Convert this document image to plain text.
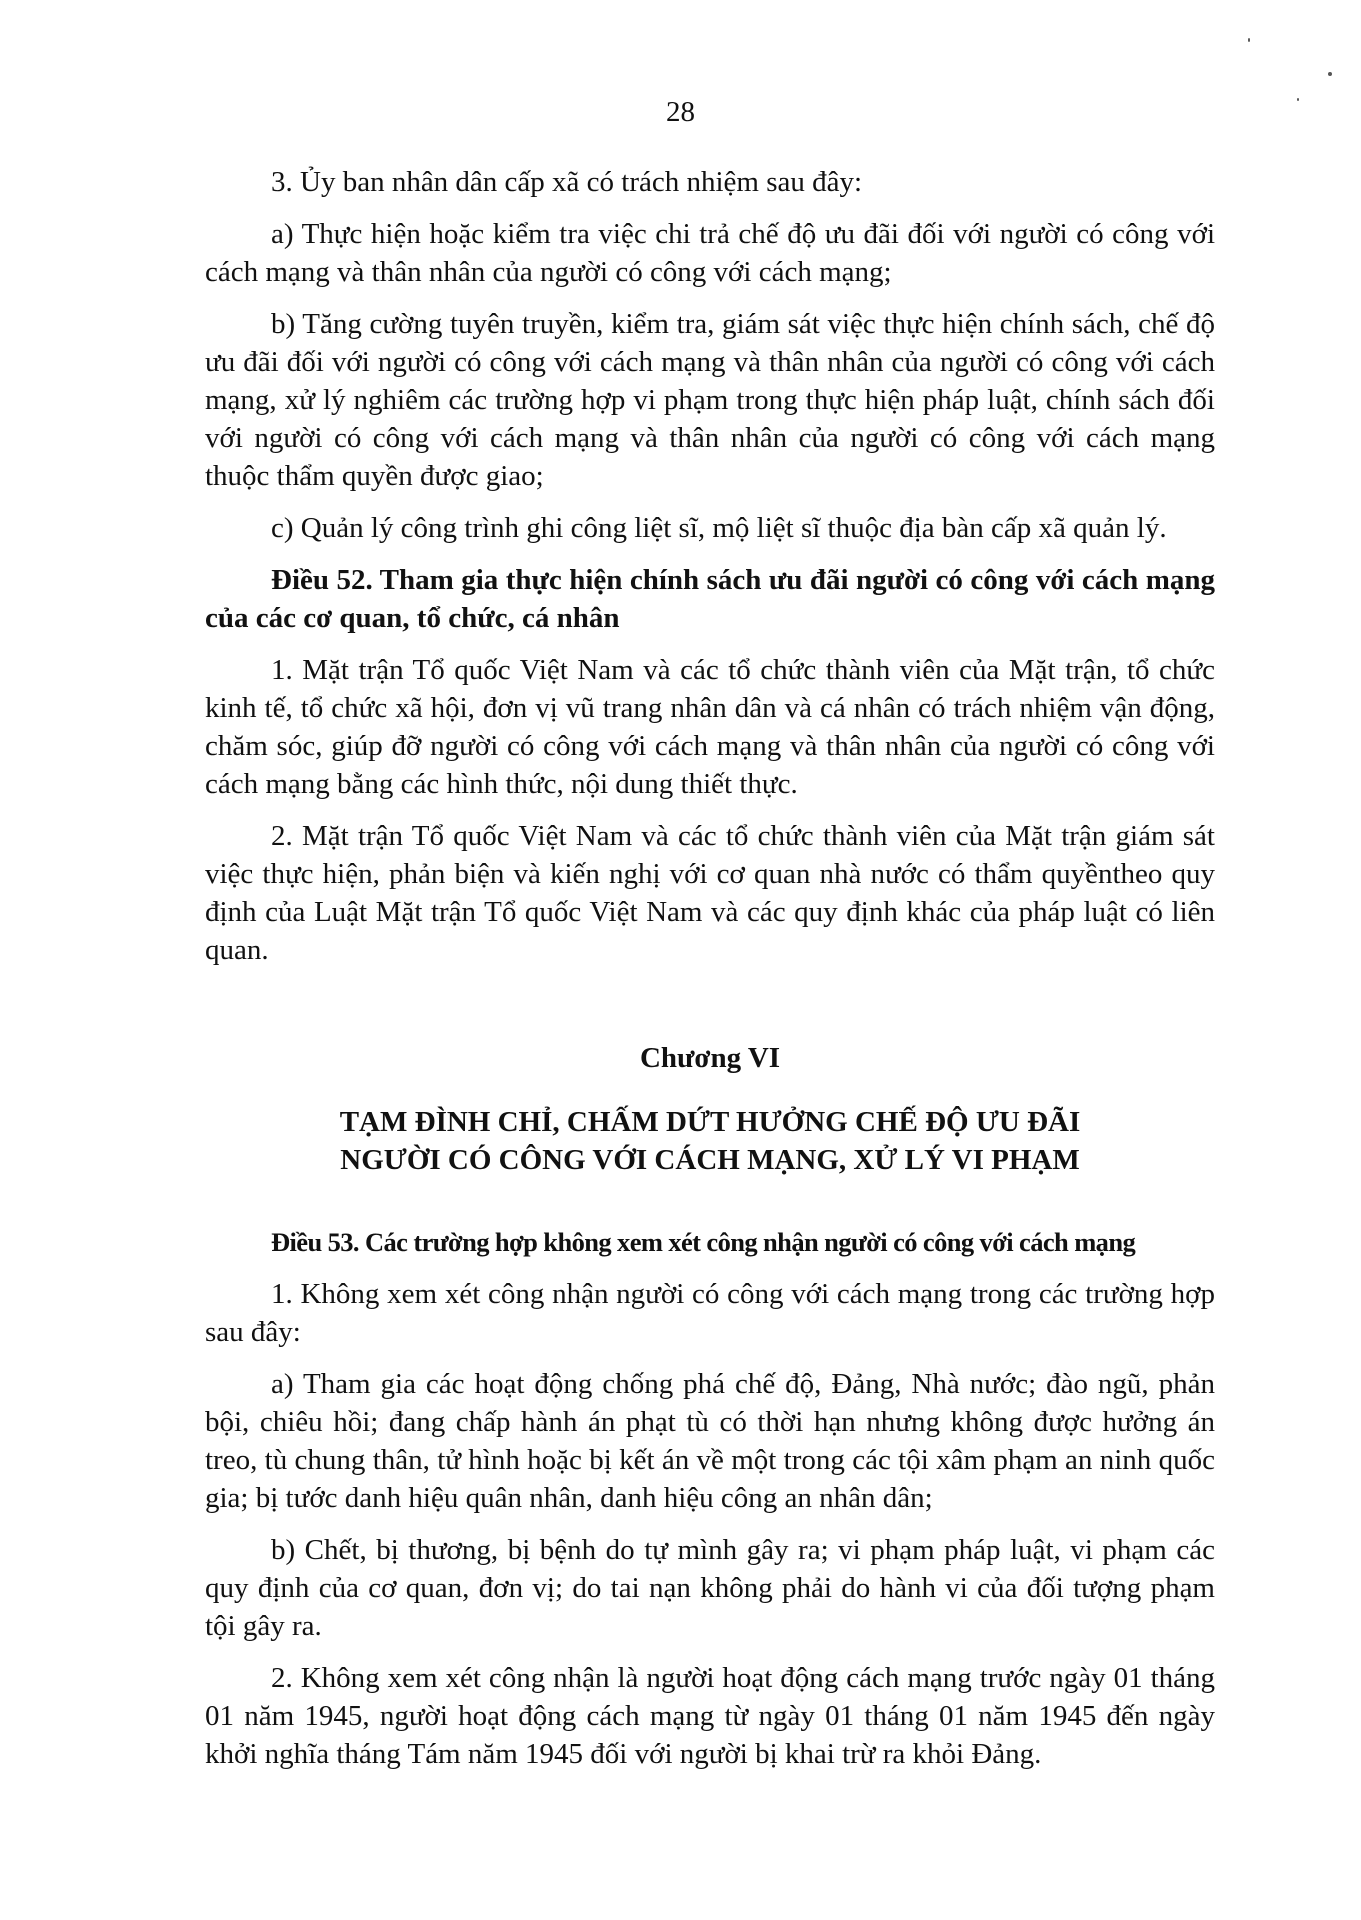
28

3. Ủy ban nhân dân cấp xã có trách nhiệm sau đây:

a) Thực hiện hoặc kiểm tra việc chi trả chế độ ưu đãi đối với người có công với cách mạng và thân nhân của người có công với cách mạng;

b) Tăng cường tuyên truyền, kiểm tra, giám sát việc thực hiện chính sách, chế độ ưu đãi đối với người có công với cách mạng và thân nhân của người có công với cách mạng, xử lý nghiêm các trường hợp vi phạm trong thực hiện pháp luật, chính sách đối với người có công với cách mạng và thân nhân của người có công với cách mạng thuộc thẩm quyền được giao;

c) Quản lý công trình ghi công liệt sĩ, mộ liệt sĩ thuộc địa bàn cấp xã quản lý.

Điều 52. Tham gia thực hiện chính sách ưu đãi người có công với cách mạng của các cơ quan, tổ chức, cá nhân

1. Mặt trận Tổ quốc Việt Nam và các tổ chức thành viên của Mặt trận, tổ chức kinh tế, tổ chức xã hội, đơn vị vũ trang nhân dân và cá nhân có trách nhiệm vận động, chăm sóc, giúp đỡ người có công với cách mạng và thân nhân của người có công với cách mạng bằng các hình thức, nội dung thiết thực.

2. Mặt trận Tổ quốc Việt Nam và các tổ chức thành viên của Mặt trận giám sát việc thực hiện, phản biện và kiến nghị với cơ quan nhà nước có thẩm quyềntheo quy định của Luật Mặt trận Tổ quốc Việt Nam và các quy định khác của pháp luật có liên quan.

Chương VI
TẠM ĐÌNH CHỈ, CHẤM DỨT HƯỞNG CHẾ ĐỘ ƯU ĐÃI
NGƯỜI CÓ CÔNG VỚI CÁCH MẠNG, XỬ LÝ VI PHẠM

Điều 53. Các trường hợp không xem xét công nhận người có công với cách mạng

1. Không xem xét công nhận người có công với cách mạng trong các trường hợp sau đây:

a) Tham gia các hoạt động chống phá chế độ, Đảng, Nhà nước; đào ngũ, phản bội, chiêu hồi; đang chấp hành án phạt tù có thời hạn nhưng không được hưởng án treo, tù chung thân, tử hình hoặc bị kết án về một trong các tội xâm phạm an ninh quốc gia; bị tước danh hiệu quân nhân, danh hiệu công an nhân dân;

b) Chết, bị thương, bị bệnh do tự mình gây ra; vi phạm pháp luật, vi phạm các quy định của cơ quan, đơn vị; do tai nạn không phải do hành vi của đối tượng phạm tội gây ra.

2. Không xem xét công nhận là người hoạt động cách mạng trước ngày 01 tháng 01 năm 1945, người hoạt động cách mạng từ ngày 01 tháng 01 năm 1945 đến ngày khởi nghĩa tháng Tám năm 1945 đối với người bị khai trừ ra khỏi Đảng.
